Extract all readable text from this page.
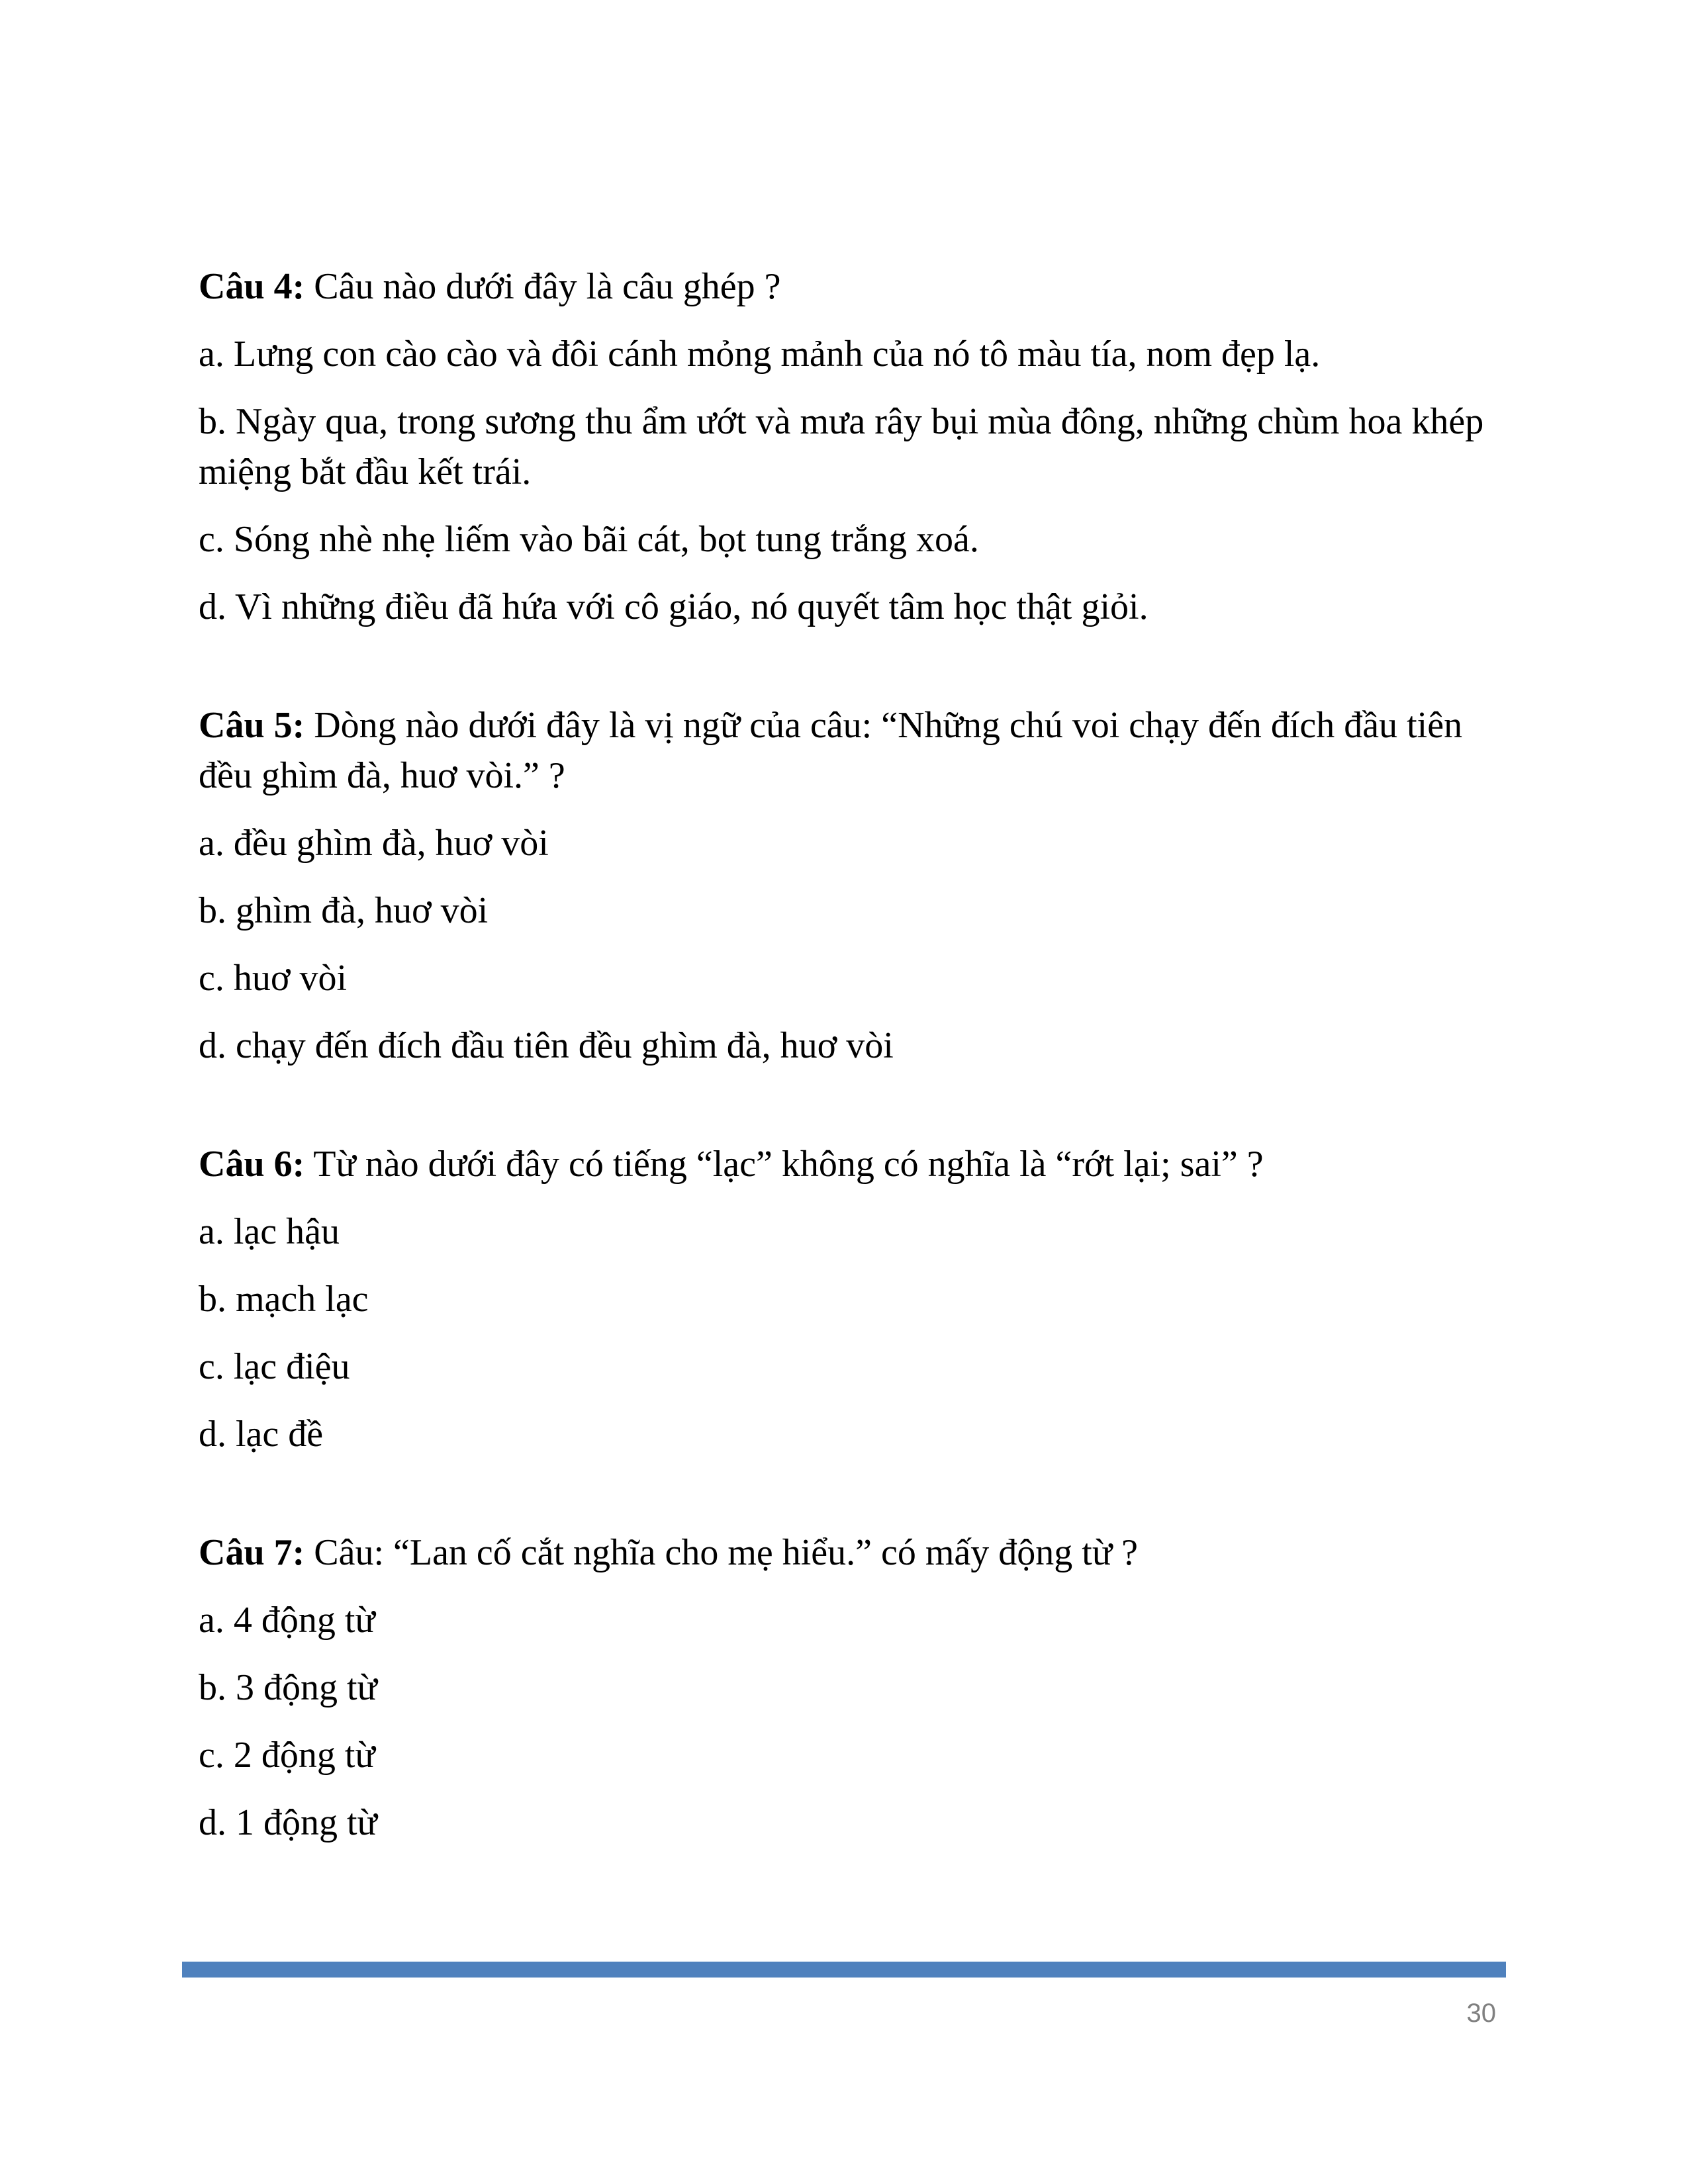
Câu 4: Câu nào dưới đây là câu ghép ?
a. Lưng con cào cào và đôi cánh mỏng mảnh của nó tô màu tía, nom đẹp lạ.
b. Ngày qua, trong sương thu ẩm ướt và mưa rây bụi mùa đông, những chùm hoa khép miệng bắt đầu kết trái.
c. Sóng nhè nhẹ liếm vào bãi cát, bọt tung trắng xoá.
d. Vì những điều đã hứa với cô giáo, nó quyết tâm học thật giỏi.
Câu 5: Dòng nào dưới đây là vị ngữ của câu: “Những chú voi chạy đến đích đầu tiên đều ghìm đà, huơ vòi.” ?
a. đều ghìm đà, huơ vòi
b. ghìm đà, huơ vòi
c. huơ vòi
d. chạy đến đích đầu tiên đều ghìm đà, huơ vòi
Câu 6: Từ nào dưới đây có tiếng “lạc” không có nghĩa là “rớt lại; sai” ?
a. lạc hậu
b. mạch lạc
c. lạc điệu
d. lạc đề
Câu 7: Câu: “Lan cố cắt nghĩa cho mẹ hiểu.” có mấy động từ ?
a. 4 động từ
b. 3 động từ
c. 2 động từ
d. 1 động từ
30
